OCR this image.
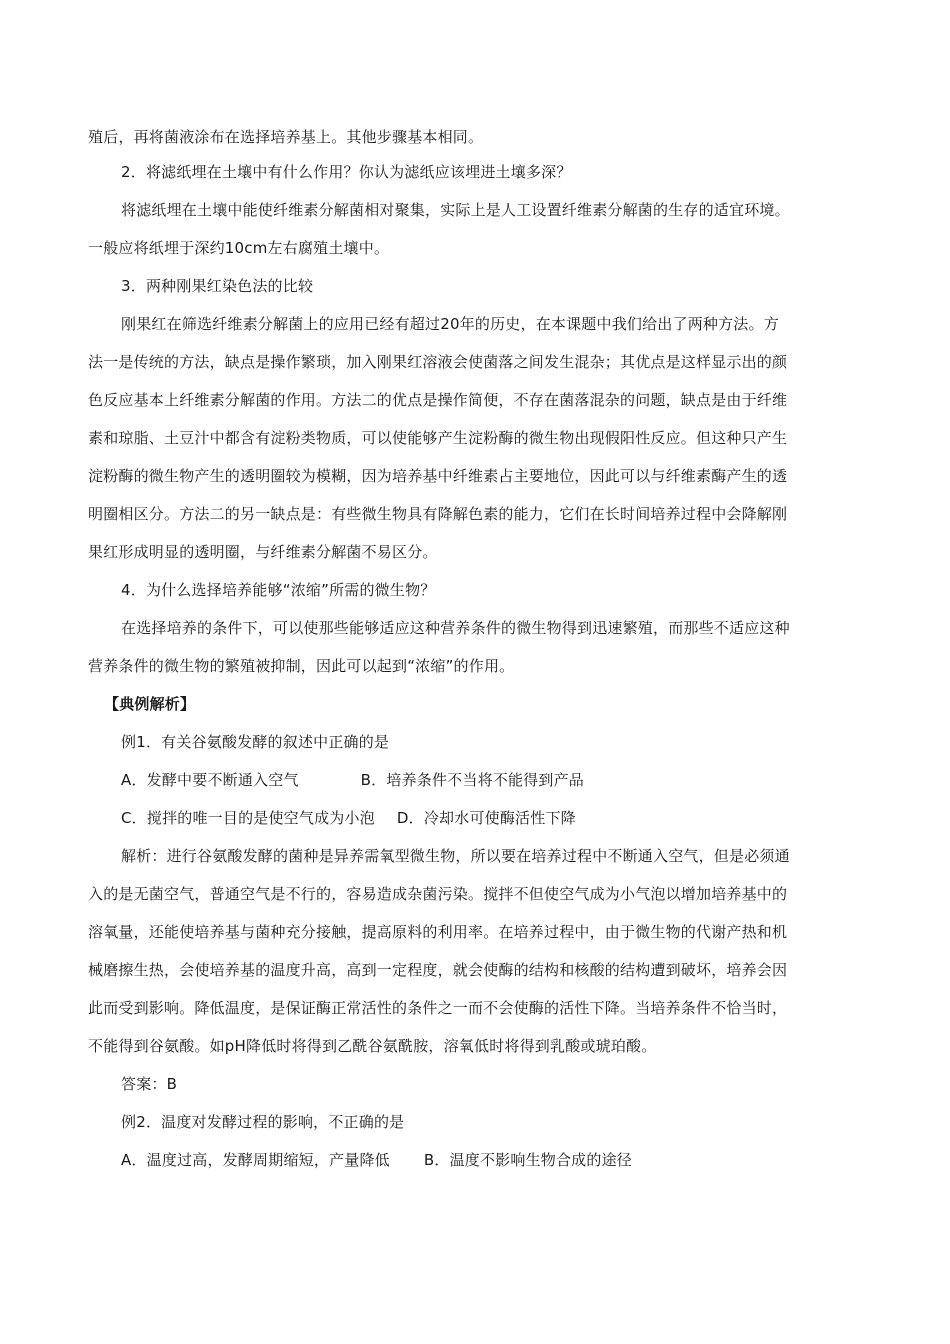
殖后，再将菌液涂布在选择培养基上。其他步骤基本相同。
2．将滤纸埋在土壤中有什么作用？你认为滤纸应该埋进土壤多深？
将滤纸埋在土壤中能使纤维素分解菌相对聚集，实际上是人工设置纤维素分解菌的生存的适宜环境。
一般应将纸埋于深约10cm左右腐殖土壤中。
3．两种刚果红染色法的比较
刚果红在筛选纤维素分解菌上的应用已经有超过20年的历史，在本课题中我们给出了两种方法。方
法一是传统的方法，缺点是操作繁琐，加入刚果红溶液会使菌落之间发生混杂；其优点是这样显示出的颜
色反应基本上纤维素分解菌的作用。方法二的优点是操作简便，不存在菌落混杂的问题，缺点是由于纤维
素和琼脂、土豆汁中都含有淀粉类物质，可以使能够产生淀粉酶的微生物出现假阳性反应。但这种只产生
淀粉酶的微生物产生的透明圈较为模糊，因为培养基中纤维素占主要地位，因此可以与纤维素酶产生的透
明圈相区分。方法二的另一缺点是：有些微生物具有降解色素的能力，它们在长时间培养过程中会降解刚
果红形成明显的透明圈，与纤维素分解菌不易区分。
4．为什么选择培养能够“浓缩”所需的微生物？
在选择培养的条件下，可以使那些能够适应这种营养条件的微生物得到迅速繁殖，而那些不适应这种
营养条件的微生物的繁殖被抑制，因此可以起到“浓缩”的作用。
【典例解析】
例1．有关谷氨酸发酵的叙述中正确的是
A．发酵中要不断通入空气	B．培养条件不当将不能得到产品
C．搅拌的唯一目的是使空气成为小泡 D．冷却水可使酶活性下降
解析：进行谷氨酸发酵的菌种是异养需氧型微生物，所以要在培养过程中不断通入空气，但是必须通
入的是无菌空气，普通空气是不行的，容易造成杂菌污染。搅拌不但使空气成为小气泡以增加培养基中的
溶氧量，还能使培养基与菌种充分接触，提高原料的利用率。在培养过程中，由于微生物的代谢产热和机
械磨擦生热，会使培养基的温度升高，高到一定程度，就会使酶的结构和核酸的结构遭到破坏，培养会因
此而受到影响。降低温度，是保证酶正常活性的条件之一而不会使酶的活性下降。当培养条件不恰当时，
不能得到谷氨酸。如pH降低时将得到乙酰谷氨酰胺，溶氧低时将得到乳酸或琥珀酸。
答案：B
例2．温度对发酵过程的影响，不正确的是
A．温度过高，发酵周期缩短，产量降低 B．温度不影响生物合成的途径
